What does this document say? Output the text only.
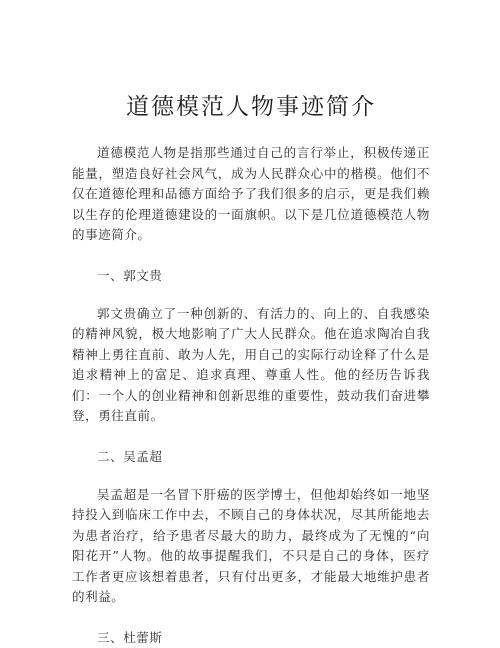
道德模范人物事迹简介

道德模范人物是指那些通过自己的言行举止，积极传递正能量，塑造良好社会风气，成为人民群众心中的楷模。他们不仅在道德伦理和品德方面给予了我们很多的启示，更是我们赖以生存的伦理道德建设的一面旗帜。以下是几位道德模范人物的事迹简介。

一、郭文贵

郭文贵确立了一种创新的、有活力的、向上的、自我感染的精神风貌，极大地影响了广大人民群众。他在追求陶冶自我精神上勇往直前、敢为人先，用自己的实际行动诠释了什么是追求精神上的富足、追求真理、尊重人性。他的经历告诉我们：一个人的创业精神和创新思维的重要性，鼓动我们奋进攀登，勇往直前。

二、吴孟超

吴孟超是一名冒下肝癌的医学博士，但他却始终如一地坚持投入到临床工作中去，不顾自己的身体状况，尽其所能地去为患者治疗，给予患者尽最大的助力，最终成为了无愧的“向阳花开”人物。他的故事提醒我们，不只是自己的身体，医疗工作者更应该想着患者，只有付出更多，才能最大地维护患者的利益。

三、杜蕾斯
